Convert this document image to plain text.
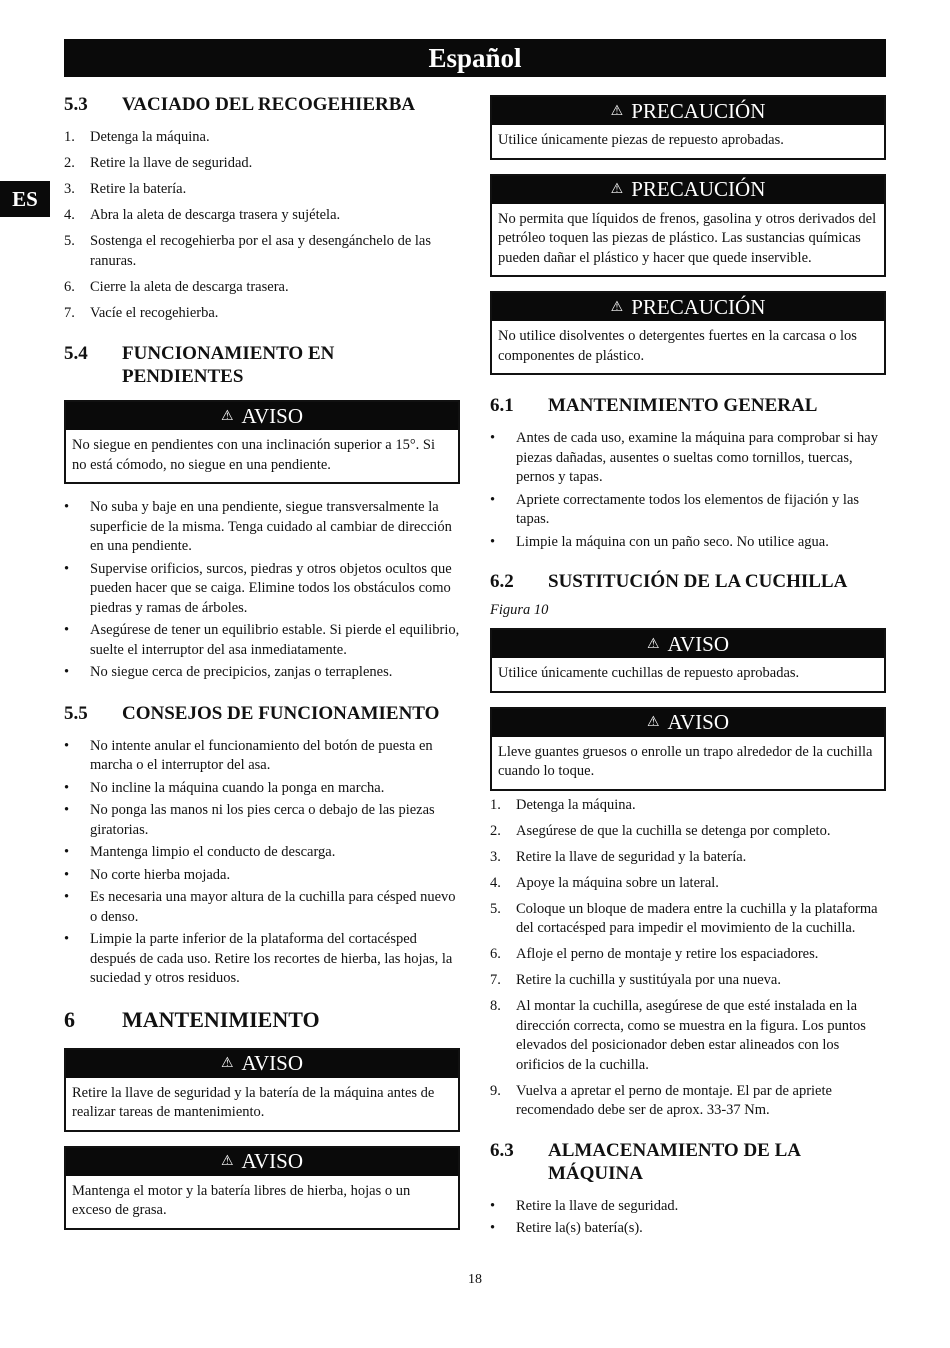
Español
ES
5.3	VACIADO DEL RECOGEHIERBA
1.	Detenga la máquina.
2.	Retire la llave de seguridad.
3.	Retire la batería.
4.	Abra la aleta de descarga trasera y sujétela.
5.	Sostenga el recogehierba por el asa y desengánchelo de las ranuras.
6.	Cierre la aleta de descarga trasera.
7.	Vacíe el recogehierba.
5.4	FUNCIONAMIENTO EN PENDIENTES
⚠ AVISO
No siegue en pendientes con una inclinación superior a 15°. Si no está cómodo, no siegue en una pendiente.
•	No suba y baje en una pendiente, siegue transversalmente la superficie de la misma. Tenga cuidado al cambiar de dirección en una pendiente.
•	Supervise orificios, surcos, piedras y otros objetos ocultos que pueden hacer que se caiga. Elimine todos los obstáculos como piedras y ramas de árboles.
•	Asegúrese de tener un equilibrio estable. Si pierde el equilibrio, suelte el interruptor del asa inmediatamente.
•	No siegue cerca de precipicios, zanjas o terraplenes.
5.5	CONSEJOS DE FUNCIONAMIENTO
•	No intente anular el funcionamiento del botón de puesta en marcha o el interruptor del asa.
•	No incline la máquina cuando la ponga en marcha.
•	No ponga las manos ni los pies cerca o debajo de las piezas giratorias.
•	Mantenga limpio el conducto de descarga.
•	No corte hierba mojada.
•	Es necesaria una mayor altura de la cuchilla para césped nuevo o denso.
•	Limpie la parte inferior de la plataforma del cortacésped después de cada uso. Retire los recortes de hierba, las hojas, la suciedad y otros residuos.
6	MANTENIMIENTO
⚠ AVISO
Retire la llave de seguridad y la batería de la máquina antes de realizar tareas de mantenimiento.
⚠ AVISO
Mantenga el motor y la batería libres de hierba, hojas o un exceso de grasa.
⚠ PRECAUCIÓN
Utilice únicamente piezas de repuesto aprobadas.
⚠ PRECAUCIÓN
No permita que líquidos de frenos, gasolina y otros derivados del petróleo toquen las piezas de plástico. Las sustancias químicas pueden dañar el plástico y hacer que quede inservible.
⚠ PRECAUCIÓN
No utilice disolventes o detergentes fuertes en la carcasa o los componentes de plástico.
6.1	MANTENIMIENTO GENERAL
•	Antes de cada uso, examine la máquina para comprobar si hay piezas dañadas, ausentes o sueltas como tornillos, tuercas, pernos y tapas.
•	Apriete correctamente todos los elementos de fijación y las tapas.
•	Limpie la máquina con un paño seco. No utilice agua.
6.2	SUSTITUCIÓN DE LA CUCHILLA
Figura 10
⚠ AVISO
Utilice únicamente cuchillas de repuesto aprobadas.
⚠ AVISO
Lleve guantes gruesos o enrolle un trapo alrededor de la cuchilla cuando lo toque.
1.	Detenga la máquina.
2.	Asegúrese de que la cuchilla se detenga por completo.
3.	Retire la llave de seguridad y la batería.
4.	Apoye la máquina sobre un lateral.
5.	Coloque un bloque de madera entre la cuchilla y la plataforma del cortacésped para impedir el movimiento de la cuchilla.
6.	Afloje el perno de montaje y retire los espaciadores.
7.	Retire la cuchilla y sustitúyala por una nueva.
8.	Al montar la cuchilla, asegúrese de que esté instalada en la dirección correcta, como se muestra en la figura. Los puntos elevados del posicionador deben estar alineados con los orificios de la cuchilla.
9.	Vuelva a apretar el perno de montaje. El par de apriete recomendado debe ser de aprox. 33-37 Nm.
6.3	ALMACENAMIENTO DE LA MÁQUINA
•	Retire la llave de seguridad.
•	Retire la(s) batería(s).
18
